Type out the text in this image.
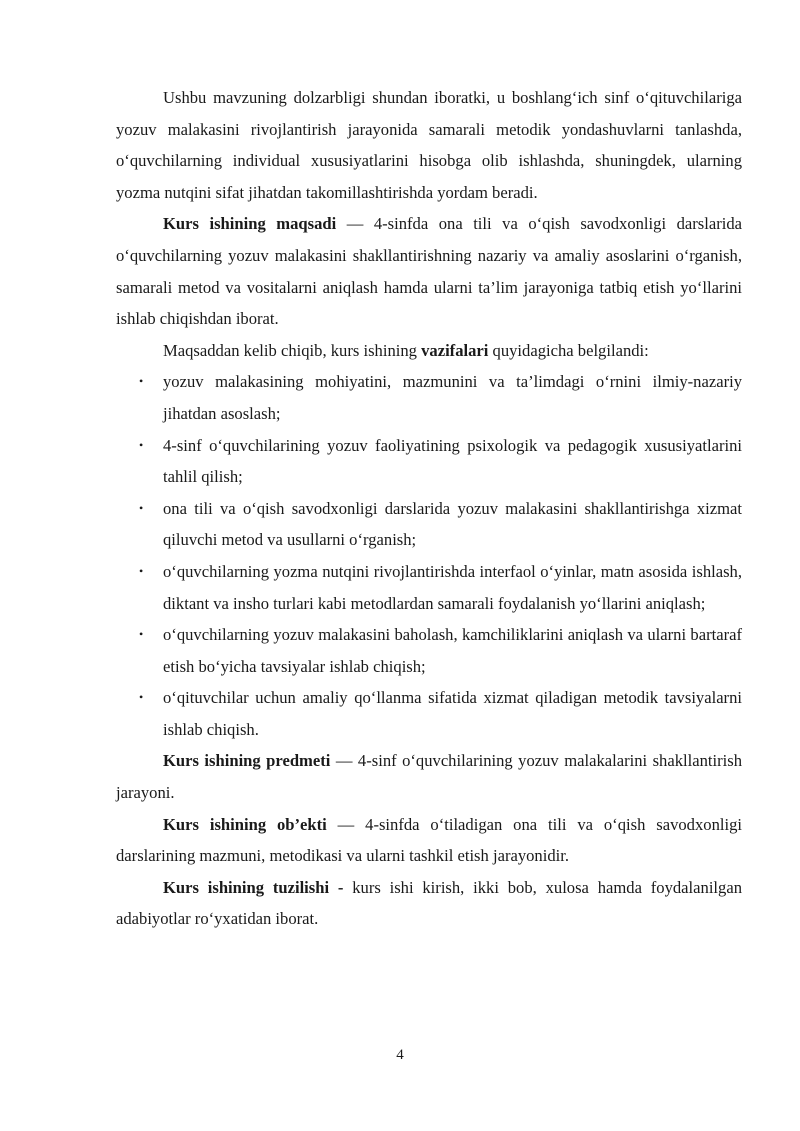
Ushbu mavzuning dolzarbligi shundan iboratki, u boshlang‘ich sinf o‘qituvchilariga yozuv malakasini rivojlantirish jarayonida samarali metodik yondashuvlarni tanlashda, o‘quvchilarning individual xususiyatlarini hisobga olib ishlashda, shuningdek, ularning yozma nutqini sifat jihatdan takomillashtirishda yordam beradi.

Kurs ishining maqsadi — 4-sinfda ona tili va o‘qish savodxonligi darslarida o‘quvchilarning yozuv malakasini shakllantirishning nazariy va amaliy asoslarini o‘rganish, samarali metod va vositalarni aniqlash hamda ularni ta’lim jarayoniga tatbiq etish yo‘llarini ishlab chiqishdan iborat.

Maqsaddan kelib chiqib, kurs ishining vazifalari quyidagicha belgilandi:

• yozuv malakasining mohiyatini, mazmunini va ta’limdagi o‘rnini ilmiy-nazariy jihatdan asoslash;
• 4-sinf o‘quvchilarining yozuv faoliyatining psixologik va pedagogik xususiyatlarini tahlil qilish;
• ona tili va o‘qish savodxonligi darslarida yozuv malakasini shakllantirishga xizmat qiluvchi metod va usullarni o‘rganish;
• o‘quvchilarning yozma nutqini rivojlantirishda interfaol o‘yinlar, matn asosida ishlash, diktant va insho turlari kabi metodlardan samarali foydalanish yo‘llarini aniqlash;
• o‘quvchilarning yozuv malakasini baholash, kamchiliklarini aniqlash va ularni bartaraf etish bo‘yicha tavsiyalar ishlab chiqish;
• o‘qituvchilar uchun amaliy qo‘llanma sifatida xizmat qiladigan metodik tavsiyalarni ishlab chiqish.

Kurs ishining predmeti — 4-sinf o‘quvchilarining yozuv malakalarini shakllantirish jarayoni.

Kurs ishining ob’ekti — 4-sinfda o‘tiladigan ona tili va o‘qish savodxonligi darslarining mazmuni, metodikasi va ularni tashkil etish jarayonidir.

Kurs ishining tuzilishi - kurs ishi kirish, ikki bob, xulosa hamda foydalanilgan adabiyotlar ro‘yxatidan iborat.

4
